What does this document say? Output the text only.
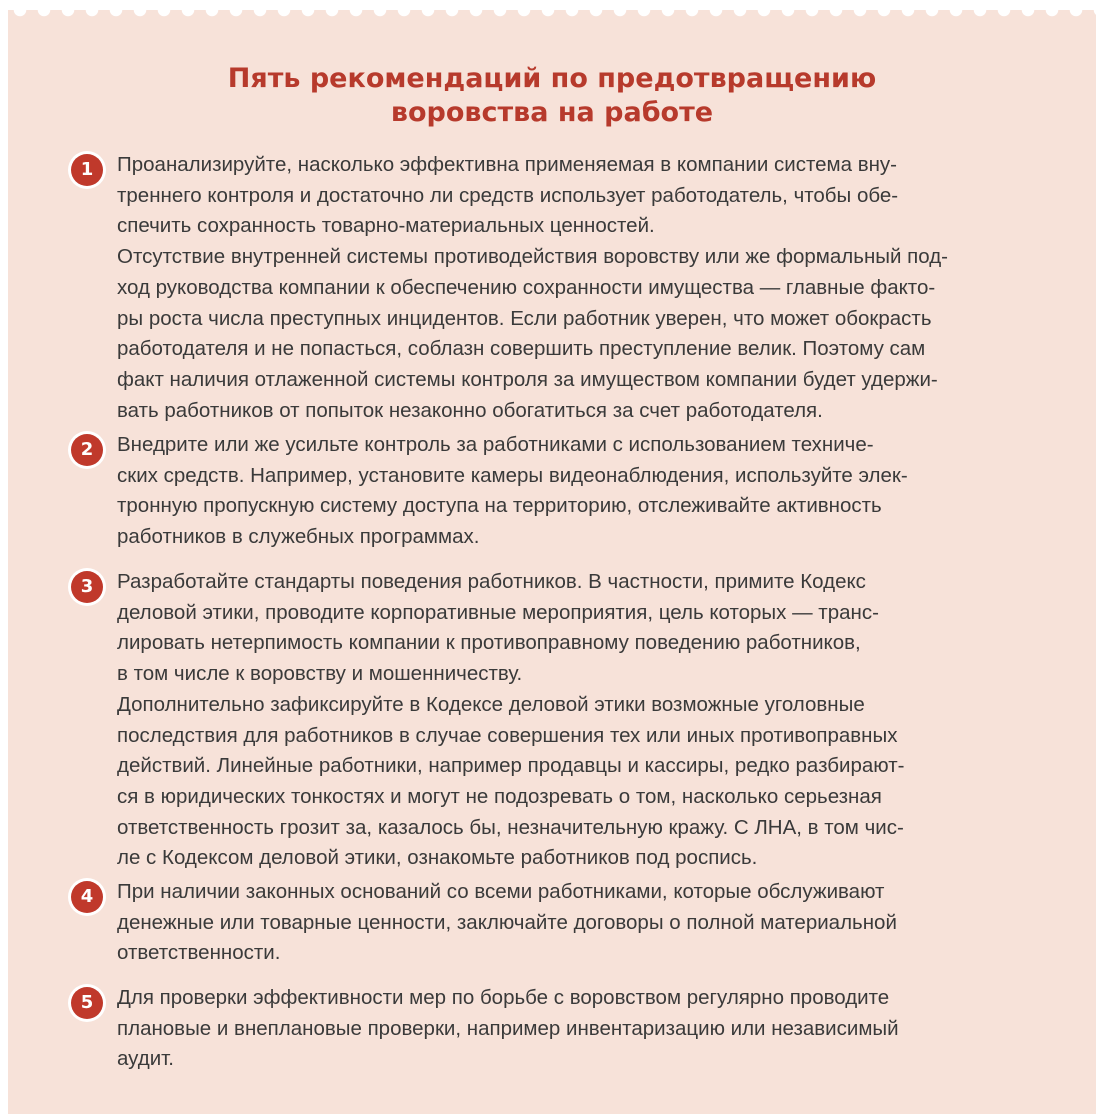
Пять рекомендаций по предотвращению
воровства на работе
1	Проанализируйте, насколько эффективна применяемая в компании система вну-
треннего контроля и достаточно ли средств использует работодатель, чтобы обе-
спечить сохранность товарно-материальных ценностей.
Отсутствие внутренней системы противодействия воровству или же формальный под-
ход руководства компании к обеспечению сохранности имущества — главные факто-
ры роста числа преступных инцидентов. Если работник уверен, что может обокрасть
работодателя и не попасться, соблазн совершить преступление велик. Поэтому сам
факт наличия отлаженной системы контроля за имуществом компании будет удержи-
вать работников от попыток незаконно обогатиться за счет работодателя.
2	Внедрите или же усильте контроль за работниками с использованием техниче-
ских средств. Например, установите камеры видеонаблюдения, используйте элек-
тронную пропускную систему доступа на территорию, отслеживайте активность
работников в служебных программах.
3	Разработайте стандарты поведения работников. В частности, примите Кодекс
деловой этики, проводите корпоративные мероприятия, цель которых — транс-
лировать нетерпимость компании к противоправному поведению работников,
в том числе к воровству и мошенничеству.
Дополнительно зафиксируйте в Кодексе деловой этики возможные уголовные
последствия для работников в случае совершения тех или иных противоправных
действий. Линейные работники, например продавцы и кассиры, редко разбирают-
ся в юридических тонкостях и могут не подозревать о том, насколько серьезная
ответственность грозит за, казалось бы, незначительную кражу. С ЛНА, в том чис-
ле с Кодексом деловой этики, ознакомьте работников под роспись.
4	При наличии законных оснований со всеми работниками, которые обслуживают
денежные или товарные ценности, заключайте договоры о полной материальной
ответственности.
5	Для проверки эффективности мер по борьбе с воровством регулярно проводите
плановые и внеплановые проверки, например инвентаризацию или независимый
аудит.
